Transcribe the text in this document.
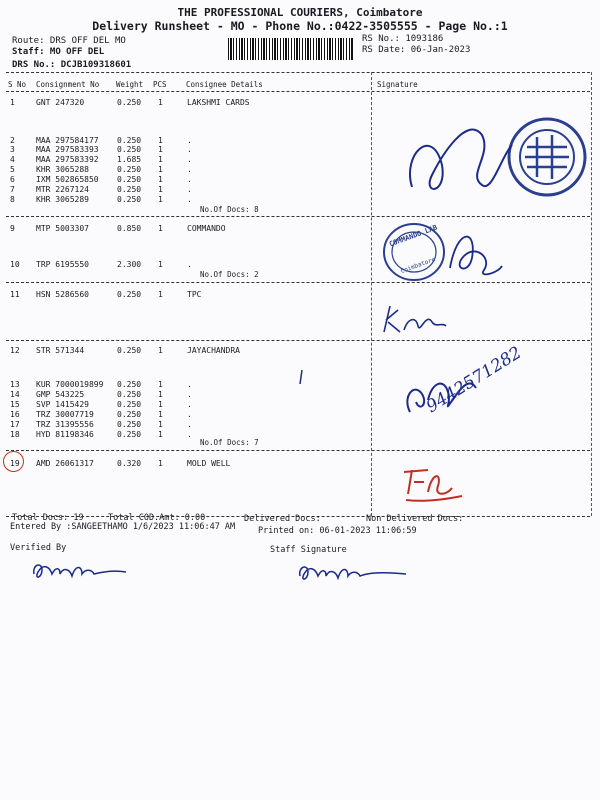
THE PROFESSIONAL COURIERS, Coimbatore
Delivery Runsheet - MO - Phone No.:0422-3505555 - Page No.:1
Route: DRS OFF DEL MO
Staff: MO OFF DEL
DRS No.: DCJB109318601
RS No.: 1093186
RS Date: 06-Jan-2023
S No Consignment No Weight PCS	Consignee Details	Signature
1	GNT 247320	0.250 1	LAKSHMI CARDS
2	MAA 297584177 0.250 1	.
3	MAA 297583393 0.250 1	.
4	MAA 297583392 1.685 1	.
5	KHR 3065288	0.250 1	.
6	IXM 502865850 0.250 1	.
7	MTR 2267124	0.250 1	.
8	KHR 3065289	0.250 1	.
9	MTP 5003307	0.850 1	COMMANDO
10 TRP 6195550	2.300 1	.
11 HSN 5286560	0.250 1	TPC
12 STR 571344	0.250 1	JAYACHANDRA
13 KUR 7000019899 0.250 1	.
14 GMP 543225	0.250 1	.
15 SVP 1415429	0.250 1	.
16 TRZ 30007719	0.250 1	.
17 TRZ 31395556	0.250 1	.
18 HYD 81198346	0.250 1	.
19 AMD 26061317	0.320 1	MOLD WELL
No.Of Docs: 8
No.Of Docs: 2
No.Of Docs: 7
COMMANDO LAB
Coimbatore
9442571282
Total Docs: 19	Total COD.Amt: 0.00	Delivered Docs:	Non Delivered Docs:
Entered By :SANGEETHAMO 1/6/2023 11:06:47 AM	Printed on: 06-01-2023 11:06:59
Verified By	Staff Signature
